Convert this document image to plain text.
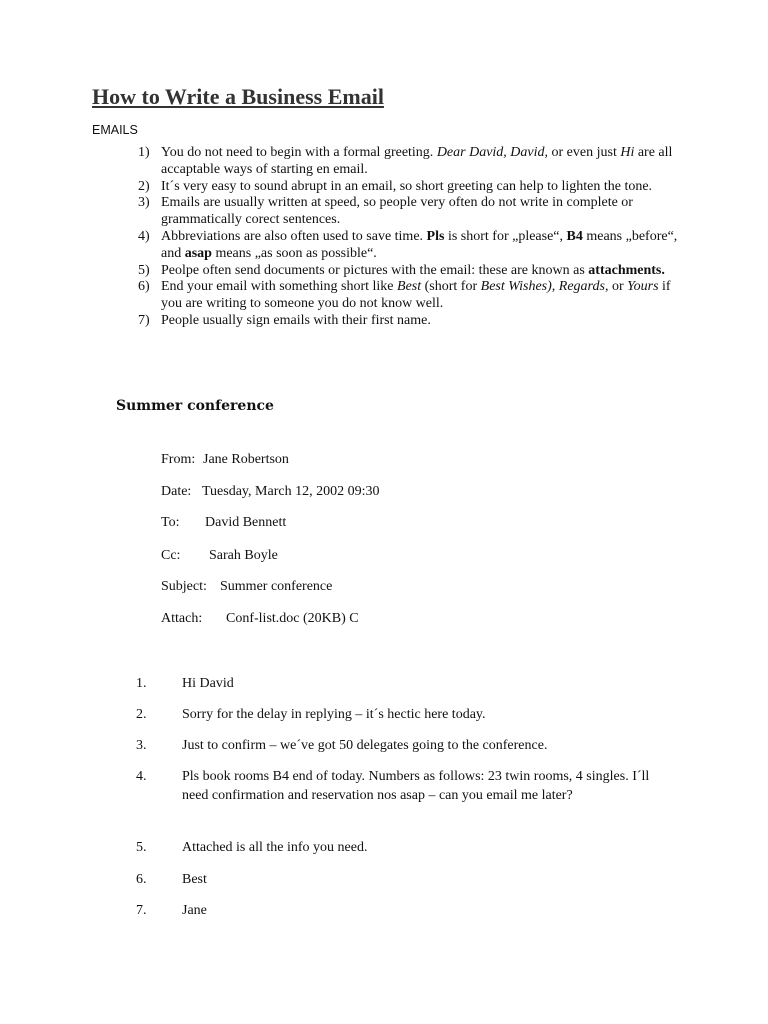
How to Write a Business Email
EMAILS

1) You do not need to begin with a formal greeting. Dear David, David, or even just Hi are all accaptable ways of starting en email.

2) It´s very easy to sound abrupt in an email, so short greeting can help to lighten the tone.

3) Emails are usually written at speed, so people very often do not write in complete or grammatically corect sentences.

4) Abbreviations are also often used to save time. Pls is short for „please“, B4 means „before“, and asap means „as soon as possible“.

5) Peolpe often send documents or pictures with the email: these are known as attachments.

6) End your email with something short like Best (short for Best Wishes), Regards, or Yours if you are writing to someone you do not know well.

7) People usually sign emails with their first name.

Summer conference
From: Jane Robertson
Date: Tuesday, March 12, 2002 09:30
To: David Bennett
Cc: Sarah Boyle
Subject: Summer conference
Attach: Conf-list.doc (20KB) C
1.	Hi David
2.	Sorry for the delay in replying – it´s hectic here today.
3.	Just to confirm – we´ve got 50 delegates going to the conference.
4.	Pls book rooms B4 end of today. Numbers as follows: 23 twin rooms, 4 singles. I´ll need confirmation and reservation nos asap – can you email me later?
5.	Attached is all the info you need.
6.	Best
7.	Jane
